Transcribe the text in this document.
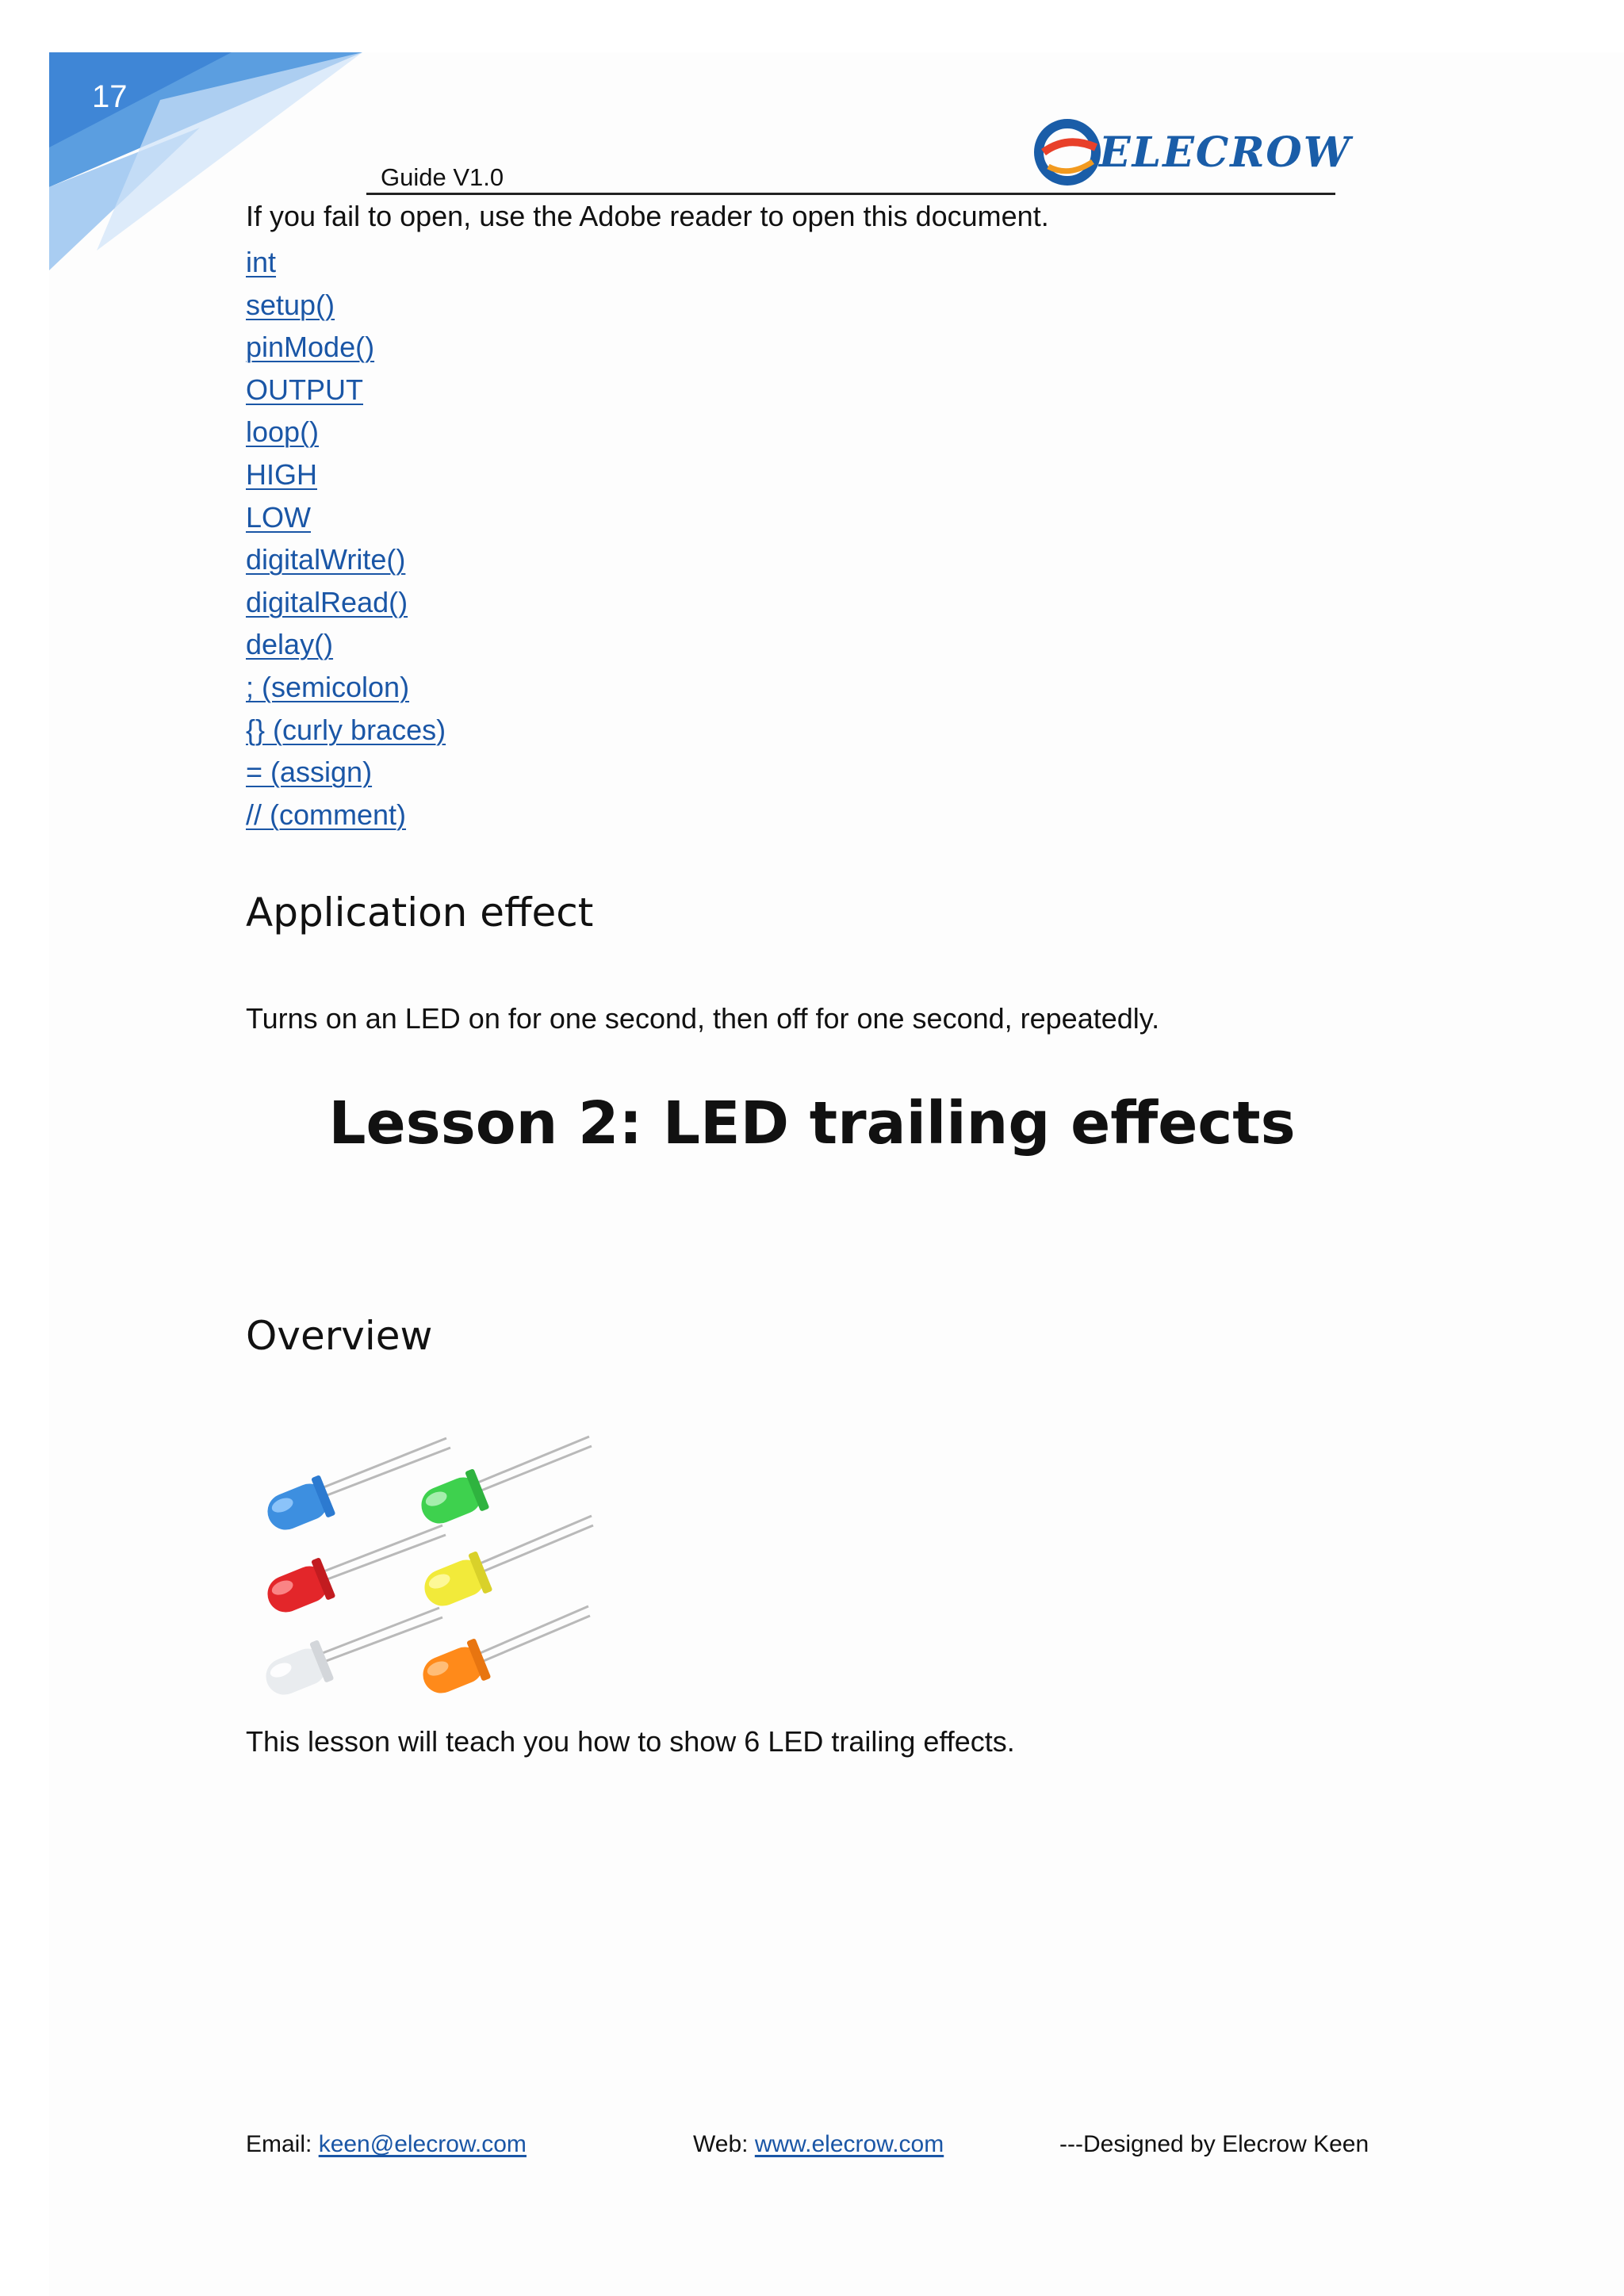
17
Guide V1.0
ELECROW
If you fail to open, use the Adobe reader to open this document.
int
setup()
pinMode()
OUTPUT
loop()
HIGH
LOW
digitalWrite()
digitalRead()
delay()
; (semicolon)
{} (curly braces)
= (assign)
// (comment)
Application effect
Turns on an LED on for one second, then off for one second, repeatedly.
Overview
This lesson will teach you how to show 6 LED trailing effects.
Lesson 2: LED trailing effects
Email: keen@elecrow.com	Web: www.elecrow.com	---Designed by Elecrow Keen
